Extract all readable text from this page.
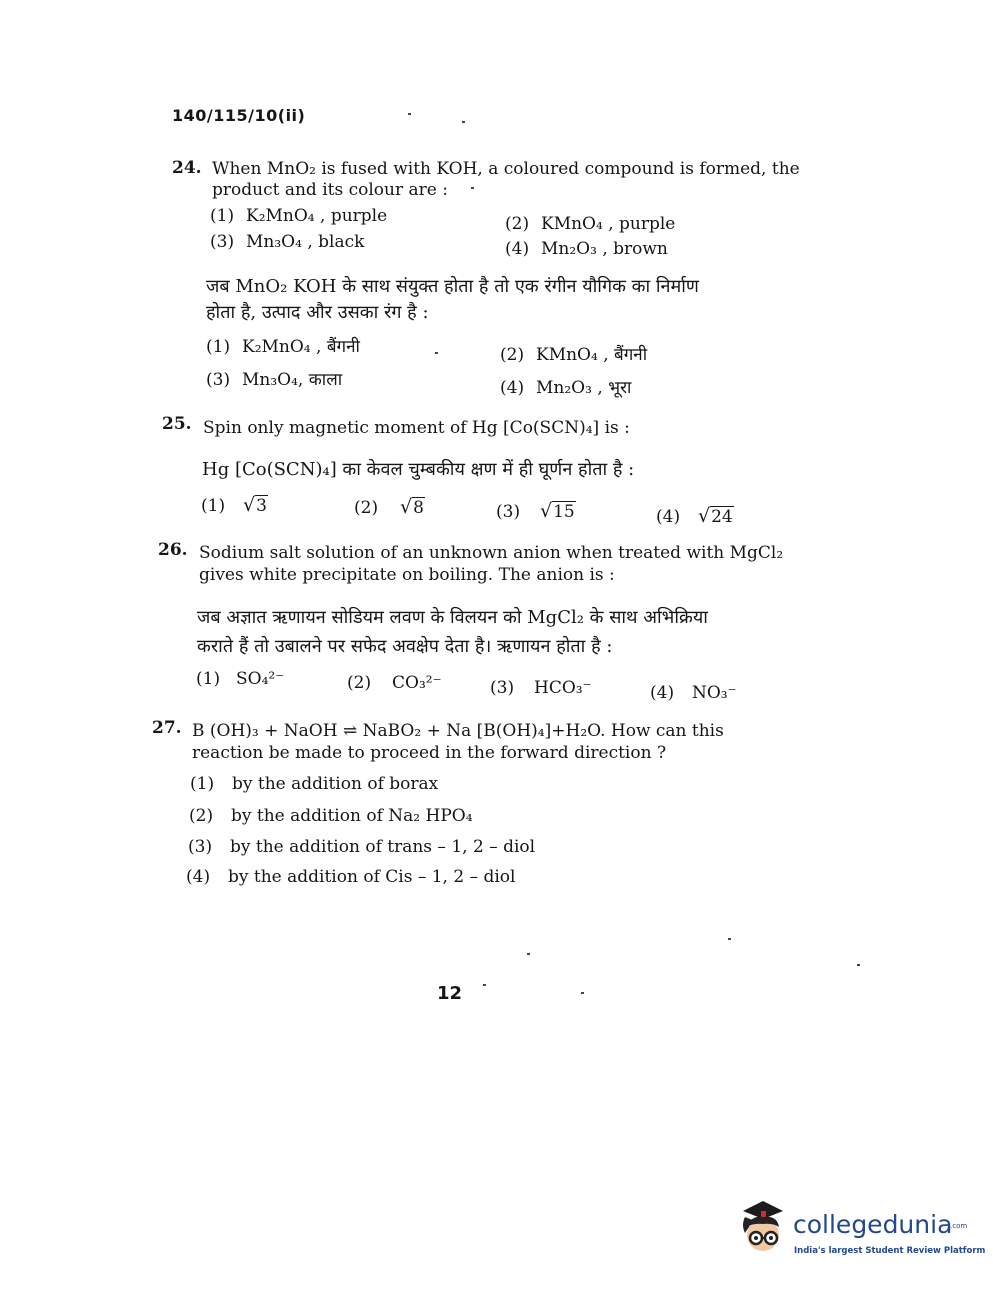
140/115/10(ii)
24. When MnO₂ is fused with KOH, a coloured compound is formed, the
product and its colour are :
(1) K₂MnO₄ , purple	(2) KMnO₄ , purple
(3) Mn₃O₄ , black	(4) Mn₂O₃ , brown
जब MnO₂ KOH के साथ संयुक्त होता है तो एक रंगीन यौगिक का निर्माण
होता है, उत्पाद और उसका रंग है :
(1) K₂MnO₄ , बैंगनी	(2) KMnO₄ , बैंगनी
(3) Mn₃O₄, काला	(4) Mn₂O₃ , भूरा
25. Spin only magnetic moment of Hg [Co(SCN)₄] is :
Hg [Co(SCN)₄] का केवल चुम्बकीय क्षण में ही घूर्णन होता है :
(1) √3	(2) √8	(3) √15	(4) √24
26. Sodium salt solution of an unknown anion when treated with MgCl₂
gives white precipitate on boiling. The anion is :
जब अज्ञात ऋणायन सोडियम लवण के विलयन को MgCl₂ के साथ अभिक्रिया
कराते हैं तो उबालने पर सफेद अवक्षेप देता है। ऋणायन होता है :
(1) SO₄²⁻	(2) CO₃²⁻	(3) HCO₃⁻	(4) NO₃⁻
27. B (OH)₃ + NaOH ⇌ NaBO₂ + Na [B(OH)₄]+H₂O. How can this
reaction be made to proceed in the forward direction ?
(1) by the addition of borax
(2) by the addition of Na₂ HPO₄
(3) by the addition of trans – 1, 2 – diol
(4) by the addition of Cis – 1, 2 – diol
12
collegedunia
.com
India's largest Student Review Platform
